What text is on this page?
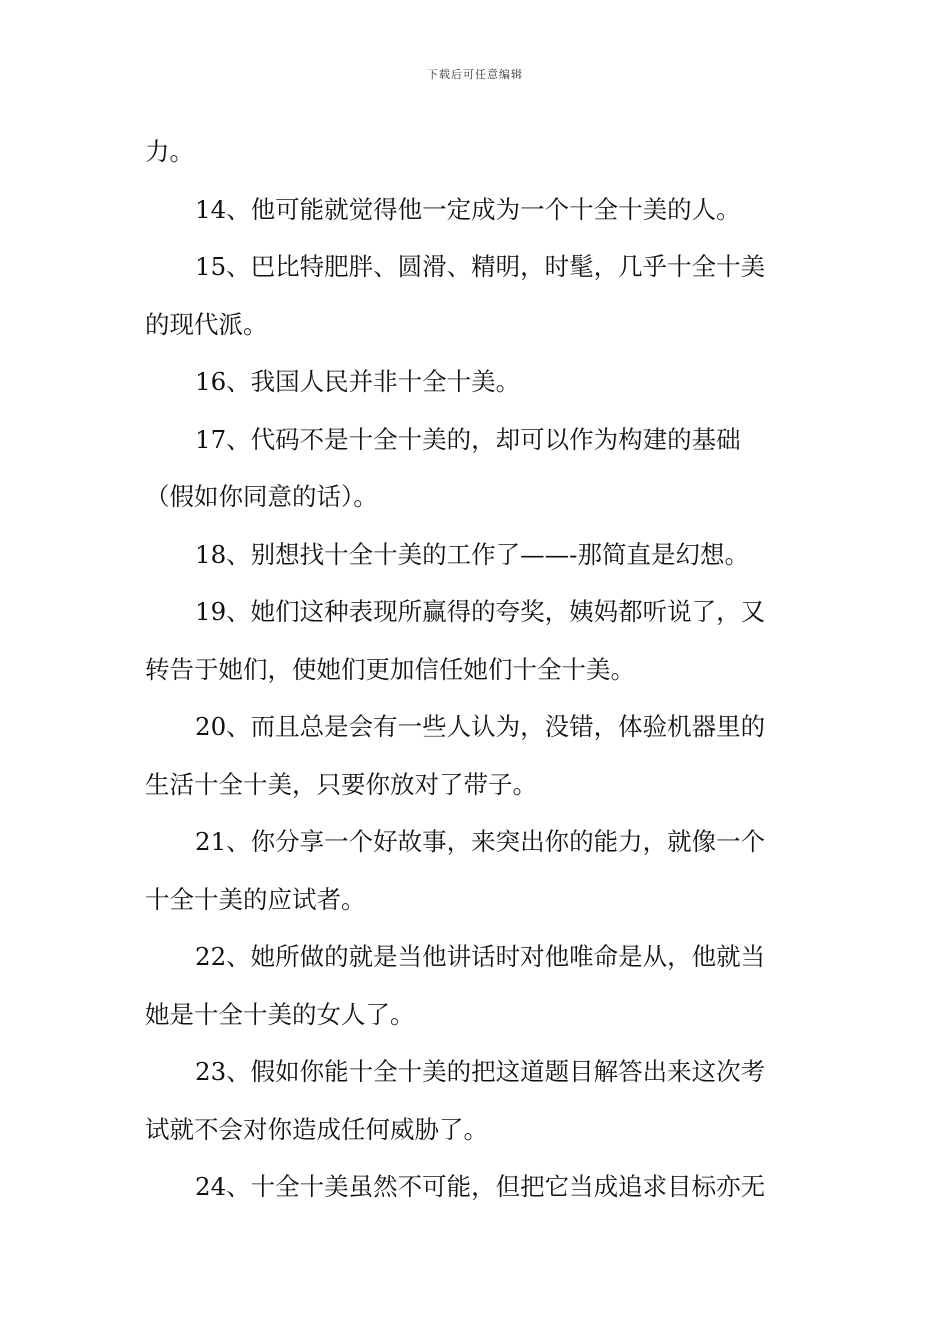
下载后可任意编辑
力。
14、他可能就觉得他一定成为一个十全十美的人。
15、巴比特肥胖、圆滑、精明，时髦，几乎十全十美
的现代派。
16、我国人民并非十全十美。
17、代码不是十全十美的，却可以作为构建的基础
（假如你同意的话）。
18、别想找十全十美的工作了——-那简直是幻想。
19、她们这种表现所赢得的夸奖，姨妈都听说了，又
转告于她们，使她们更加信任她们十全十美。
20、而且总是会有一些人认为，没错，体验机器里的
生活十全十美，只要你放对了带子。
21、你分享一个好故事，来突出你的能力，就像一个
十全十美的应试者。
22、她所做的就是当他讲话时对他唯命是从，他就当
她是十全十美的女人了。
23、假如你能十全十美的把这道题目解答出来这次考
试就不会对你造成任何威胁了。
24、十全十美虽然不可能，但把它当成追求目标亦无
